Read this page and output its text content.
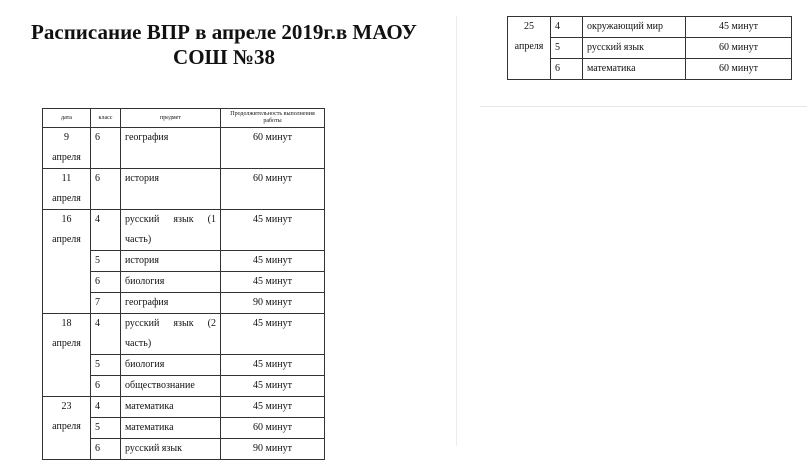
Расписание ВПР в апреле 2019г.в МАОУ СОШ №38
дата	класс	предмет	Продолжительность выполнения работы
9
апреля	6	география	60 минут
11
апреля	6	история	60 минут
16
апреля	4	русский язык (1
часть)	45 минут
	5	история	45 минут
	6	биология	45 минут
	7	география	90 минут
18
апреля	4	русский язык (2
часть)	45 минут
	5	биология	45 минут
	6	обществознание	45 минут
23
апреля	4	математика	45 минут
	5	математика	60 минут
	6	русский язык	90 минут
25
апреля	4	окружающий мир	45 минут
	5	русский язык	60 минут
	6	математика	60 минут
